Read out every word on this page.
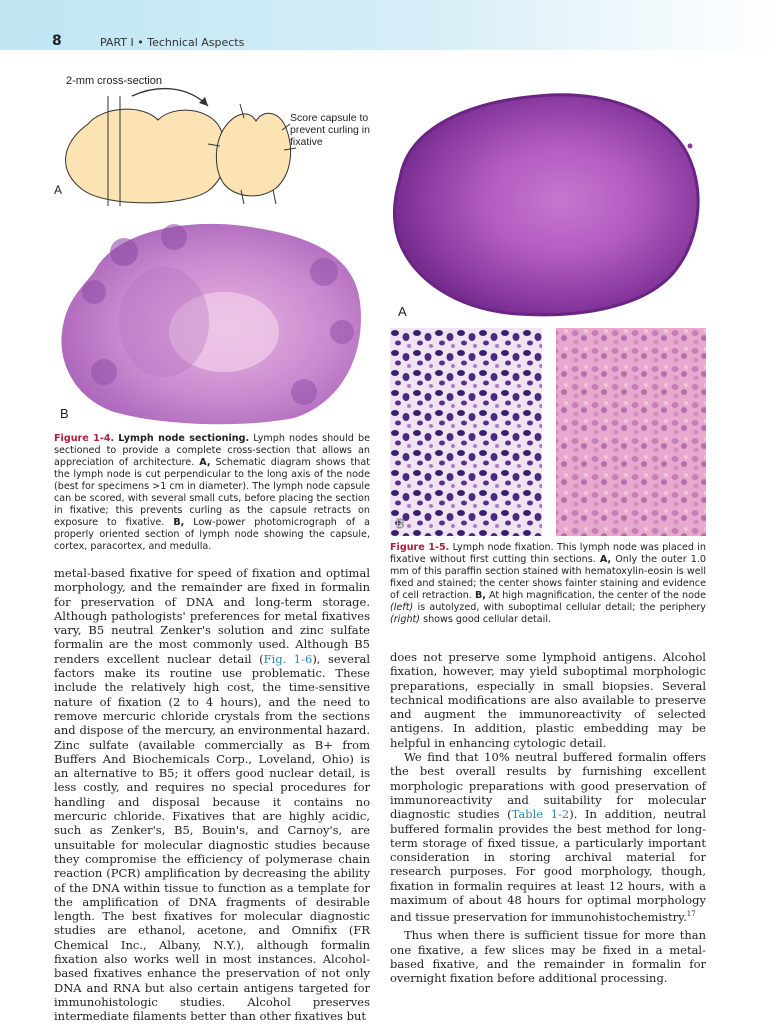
8	PART I • Technical Aspects
2-mm cross-section
Score capsule to
prevent curling in
fixative
A
B
Figure 1-4. Lymph node sectioning. Lymph nodes should be sectioned to provide a complete cross-section that allows an appreciation of architecture. A, Schematic diagram shows that the lymph node is cut perpendicular to the long axis of the node (best for specimens >1 cm in diameter). The lymph node capsule can be scored, with several small cuts, before placing the section in fixative; this prevents curling as the capsule retracts on exposure to fixative. B, Low-power photomicrograph of a properly oriented section of lymph node showing the capsule, cortex, paracortex, and medulla.
A
B
Figure 1-5. Lymph node fixation. This lymph node was placed in fixative without first cutting thin sections. A, Only the outer 1.0 mm of this paraffin section stained with hematoxylin-eosin is well fixed and stained; the center shows fainter staining and evidence of cell retraction. B, At high magnification, the center of the node (left) is autolyzed, with suboptimal cellular detail; the periphery (right) shows good cellular detail.

metal-based fixative for speed of fixation and optimal morphology, and the remainder are fixed in formalin for preservation of DNA and long-term storage. Although pathologists' preferences for metal fixatives vary, B5 neutral Zenker's solution and zinc sulfate formalin are the most commonly used. Although B5 renders excellent nuclear detail (Fig. 1-6), several factors make its routine use problematic. These include the relatively high cost, the time-sensitive nature of fixation (2 to 4 hours), and the need to remove mercuric chloride crystals from the sections and dispose of the mercury, an environmental hazard. Zinc sulfate (available commercially as B+ from Buffers And Biochemicals Corp., Loveland, Ohio) is an alternative to B5; it offers good nuclear detail, is less costly, and requires no special procedures for handling and disposal because it contains no mercuric chloride. Fixatives that are highly acidic, such as Zenker's, B5, Bouin's, and Carnoy's, are unsuitable for molecular diagnostic studies because they compromise the efficiency of polymerase chain reaction (PCR) amplification by decreasing the ability of the DNA within tissue to function as a template for the amplification of DNA fragments of desirable length. The best fixatives for molecular diagnostic studies are ethanol, acetone, and Omnifix (FR Chemical Inc., Albany, N.Y.), although formalin fixation also works well in most instances. Alcohol-based fixatives enhance the preservation of not only DNA and RNA but also certain antigens targeted for immunohistologic studies. Alcohol preserves intermediate filaments better than other fixatives but

does not preserve some lymphoid antigens. Alcohol fixation, however, may yield suboptimal morphologic preparations, especially in small biopsies. Several technical modifications are also available to preserve and augment the immunoreactivity of selected antigens. In addition, plastic embedding may be helpful in enhancing cytologic detail.

We find that 10% neutral buffered formalin offers the best overall results by furnishing excellent morphologic preparations with good preservation of immunoreactivity and suitability for molecular diagnostic studies (Table 1-2). In addition, neutral buffered formalin provides the best method for long-term storage of fixed tissue, a particularly important consideration in storing archival material for research purposes. For good morphology, though, fixation in formalin requires at least 12 hours, with a maximum of about 48 hours for optimal morphology and tissue preservation for immunohistochemistry.$^{17}$

Thus when there is sufficient tissue for more than one fixative, a few slices may be fixed in a metal-based fixative, and the remainder in formalin for overnight fixation before additional processing.
